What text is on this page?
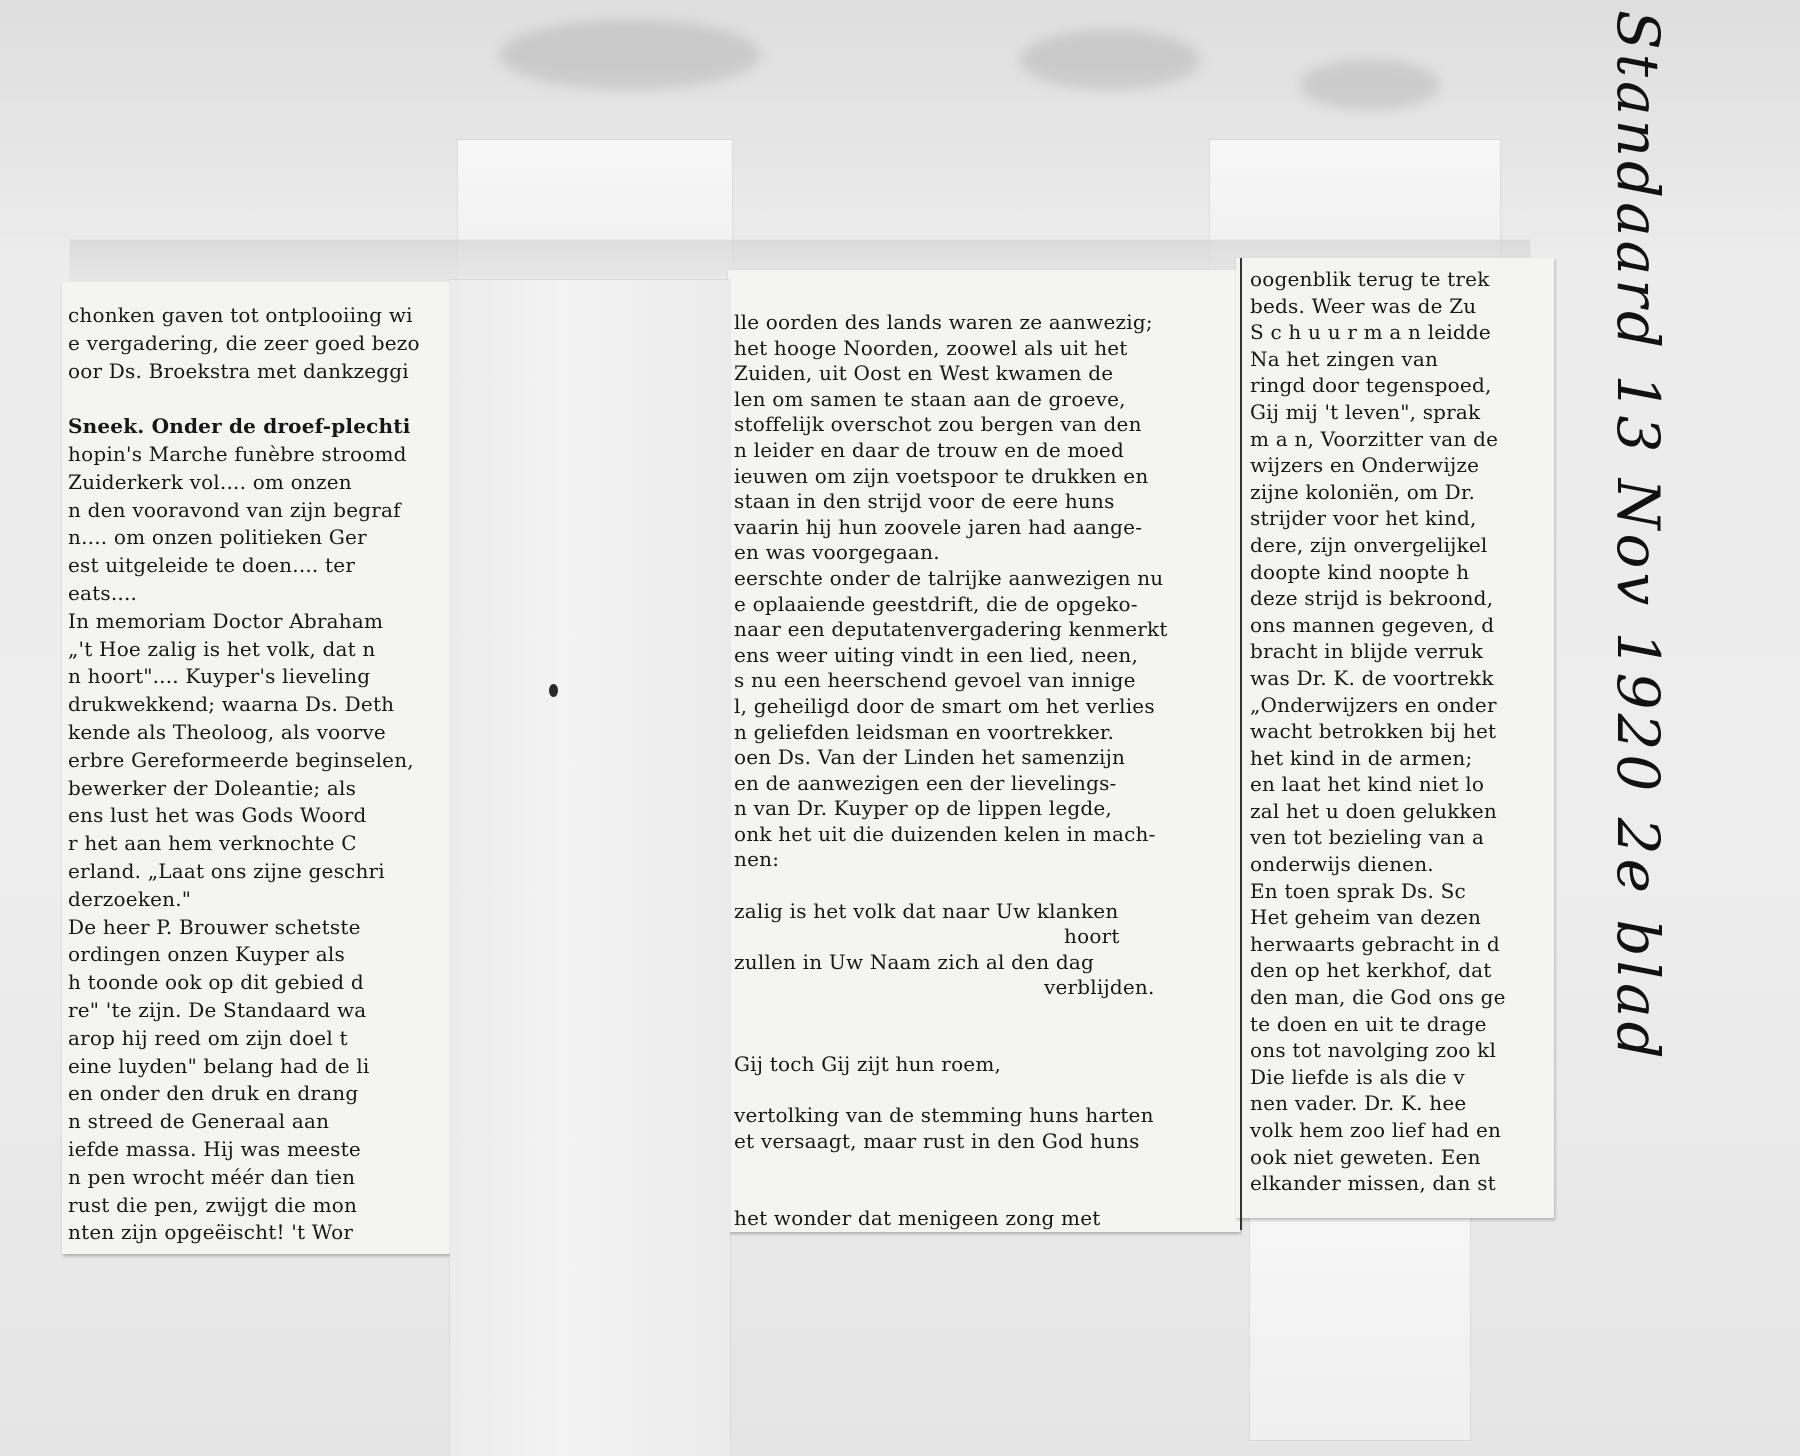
chonken gaven tot ontplooiing wi
e vergadering, die zeer goed bezo
oor Ds. Broekstra met dankzeggi

Sneek. Onder de droef-plechti
hopin's Marche funèbre stroomd
Zuiderkerk vol.... om onzen
n den vooravond van zijn begraf
n.... om onzen politieken Ger
est uitgeleide te doen.... ter
eats....
In memoriam Doctor Abraham
„'t Hoe zalig is het volk, dat n
n hoort".... Kuyper's lieveling
drukwekkend; waarna Ds. Deth
kende als Theoloog, als voorve
erbre Gereformeerde beginselen,
bewerker der Doleantie; als
ens lust het was Gods Woord
r het aan hem verknochte C
erland. „Laat ons zijne geschri
derzoeken."
De heer P. Brouwer schetste
ordingen onzen Kuyper als
h toonde ook op dit gebied d
re" 'te zijn. De Standaard wa
arop hij reed om zijn doel t
eine luyden" belang had de li
en onder den druk en drang
n streed de Generaal aan
iefde massa. Hij was meeste
n pen wrocht méér dan tien
rust die pen, zwijgt die mon
nten zijn opgeëischt! 't Wor
lle oorden des lands waren ze aanwezig;
het hooge Noorden, zoowel als uit het
Zuiden, uit Oost en West kwamen de
len om samen te staan aan de groeve,
stoffelijk overschot zou bergen van den
n leider en daar de trouw en de moed
ieuwen om zijn voetspoor te drukken en
staan in den strijd voor de eere huns
vaarin hij hun zoovele jaren had aange-
en was voorgegaan.
eerschte onder de talrijke aanwezigen nu
e oplaaiende geestdrift, die de opgeko-
naar een deputatenvergadering kenmerkt
ens weer uiting vindt in een lied, neen,
s nu een heerschend gevoel van innige
l, geheiligd door de smart om het verlies
n geliefden leidsman en voortrekker.
oen Ds. Van der Linden het samenzijn
en de aanwezigen een der lievelings-
n van Dr. Kuyper op de lippen legde,
onk het uit die duizenden kelen in mach-
nen:

zalig is het volk dat naar Uw klanken
hoort
zullen in Uw Naam zich al den dag
verblijden.

Gij toch Gij zijt hun roem,

vertolking van de stemming huns harten
et versaagt, maar rust in den God huns

het wonder dat menigeen zong met
oogenblik terug te trek
beds. Weer was de Zu
S c h u u r m a n leidde
Na het zingen van
ringd door tegenspoed,
Gij mij 't leven", sprak
m a n, Voorzitter van de
wijzers en Onderwijze
zijne koloniën, om Dr.
strijder voor het kind,
dere, zijn onvergelijkel
doopte kind noopte h
deze strijd is bekroond,
ons mannen gegeven, d
bracht in blijde verruk
was Dr. K. de voortrekk
„Onderwijzers en onder
wacht betrokken bij het
het kind in de armen;
en laat het kind niet lo
zal het u doen gelukken
ven tot bezieling van a
onderwijs dienen.
En toen sprak Ds. Sc
Het geheim van dezen
herwaarts gebracht in d
den op het kerkhof, dat
den man, die God ons ge
te doen en uit te drage
ons tot navolging zoo kl
Die liefde is als die v
nen vader. Dr. K. hee
volk hem zoo lief had en
ook niet geweten. Een
elkander missen, dan st
Standaard 13 Nov 1920 2e blad
